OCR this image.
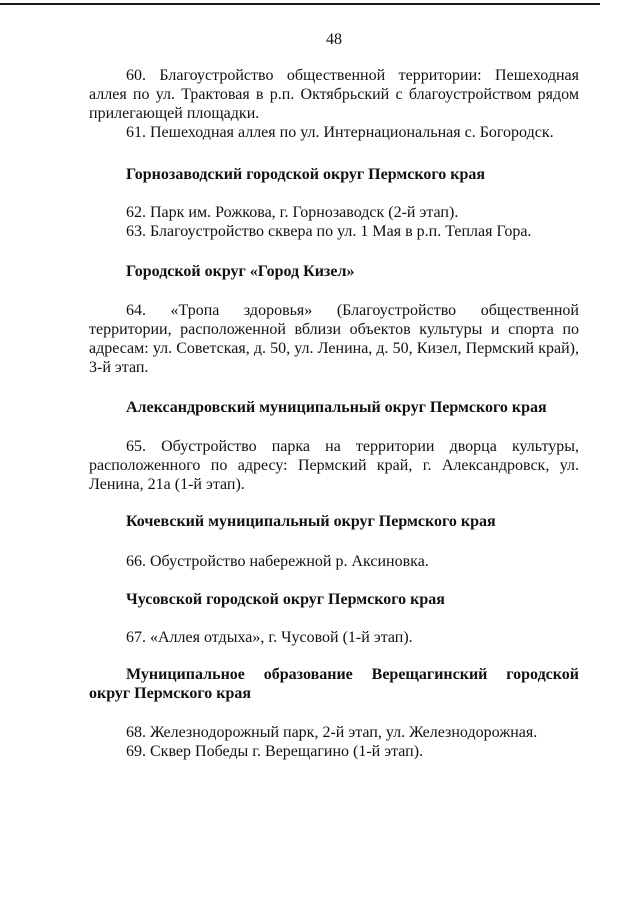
48

60. Благоустройство общественной территории: Пешеходная аллея по ул. Трактовая в р.п. Октябрьский с благоустройством рядом прилегающей площадки.

61. Пешеходная аллея по ул. Интернациональная с. Богородск.

Горнозаводский городской округ Пермского края

62. Парк им. Рожкова, г. Горнозаводск (2-й этап).

63. Благоустройство сквера по ул. 1 Мая в р.п. Теплая Гора.

Городской округ «Город Кизел»

64. «Тропа здоровья» (Благоустройство общественной территории, расположенной вблизи объектов культуры и спорта по адресам: ул. Советская, д. 50, ул. Ленина, д. 50, Кизел, Пермский край), 3-й этап.

Александровский муниципальный округ Пермского края

65. Обустройство парка на территории дворца культуры, расположенного по адресу: Пермский край, г. Александровск, ул. Ленина, 21а (1-й этап).

Кочевский муниципальный округ Пермского края

66. Обустройство набережной р. Аксиновка.

Чусовской городской округ Пермского края

67. «Аллея отдыха», г. Чусовой (1-й этап).

Муниципальное образование Верещагинский городской округ Пермского края

68. Железнодорожный парк, 2-й этап, ул. Железнодорожная.

69. Сквер Победы г. Верещагино (1-й этап).
